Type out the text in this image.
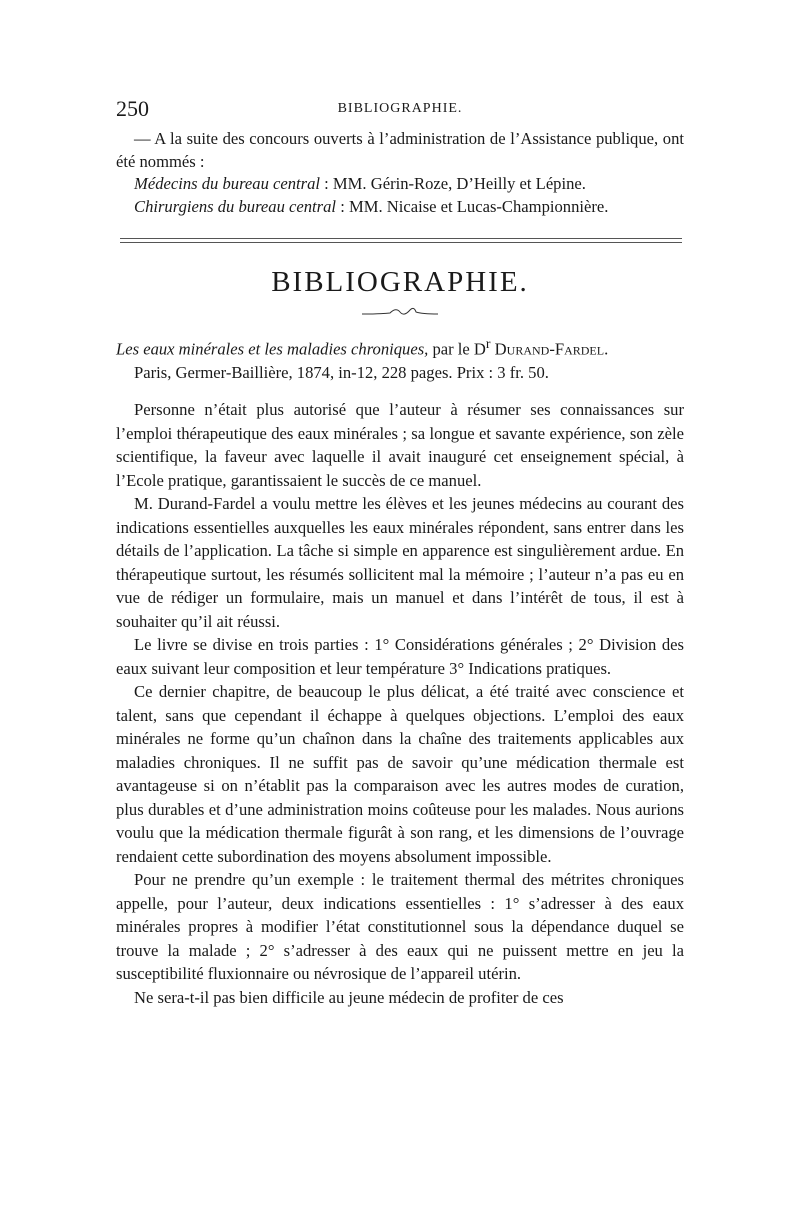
250	BIBLIOGRAPHIE.

— A la suite des concours ouverts à l’administration de l’Assistance publique, ont été nommés :

Médecins du bureau central : MM. Gérin-Roze, D’Heilly et Lépine.

Chirurgiens du bureau central : MM. Nicaise et Lucas-Championnière.

BIBLIOGRAPHIE.

Les eaux minérales et les maladies chroniques, par le $D^r$ Durand-Fardel.

Paris, Germer-Baillière, 1874, in-12, 228 pages. Prix : 3 fr. 50.

Personne n’était plus autorisé que l’auteur à résumer ses connaissances sur l’emploi thérapeutique des eaux minérales ; sa longue et savante expérience, son zèle scientifique, la faveur avec laquelle il avait inauguré cet enseignement spécial, à l’Ecole pratique, garantissaient le succès de ce manuel.

M. Durand-Fardel a voulu mettre les élèves et les jeunes médecins au courant des indications essentielles auxquelles les eaux minérales répondent, sans entrer dans les détails de l’application. La tâche si simple en apparence est singulièrement ardue. En thérapeutique surtout, les résumés sollicitent mal la mémoire ; l’auteur n’a pas eu en vue de rédiger un formulaire, mais un manuel et dans l’intérêt de tous, il est à souhaiter qu’il ait réussi.

Le livre se divise en trois parties : 1° Considérations générales ; 2° Division des eaux suivant leur composition et leur température 3° Indications pratiques.

Ce dernier chapitre, de beaucoup le plus délicat, a été traité avec conscience et talent, sans que cependant il échappe à quelques objections. L’emploi des eaux minérales ne forme qu’un chaînon dans la chaîne des traitements applicables aux maladies chroniques. Il ne suffit pas de savoir qu’une médication thermale est avantageuse si on n’établit pas la comparaison avec les autres modes de curation, plus durables et d’une administration moins coûteuse pour les malades. Nous aurions voulu que la médication thermale figurât à son rang, et les dimensions de l’ouvrage rendaient cette subordination des moyens absolument impossible.

Pour ne prendre qu’un exemple : le traitement thermal des métrites chroniques appelle, pour l’auteur, deux indications essentielles : 1° s’adresser à des eaux minérales propres à modifier l’état constitutionnel sous la dépendance duquel se trouve la malade ; 2° s’adresser à des eaux qui ne puissent mettre en jeu la susceptibilité fluxionnaire ou névrosique de l’appareil utérin.

Ne sera-t-il pas bien difficile au jeune médecin de profiter de ces
